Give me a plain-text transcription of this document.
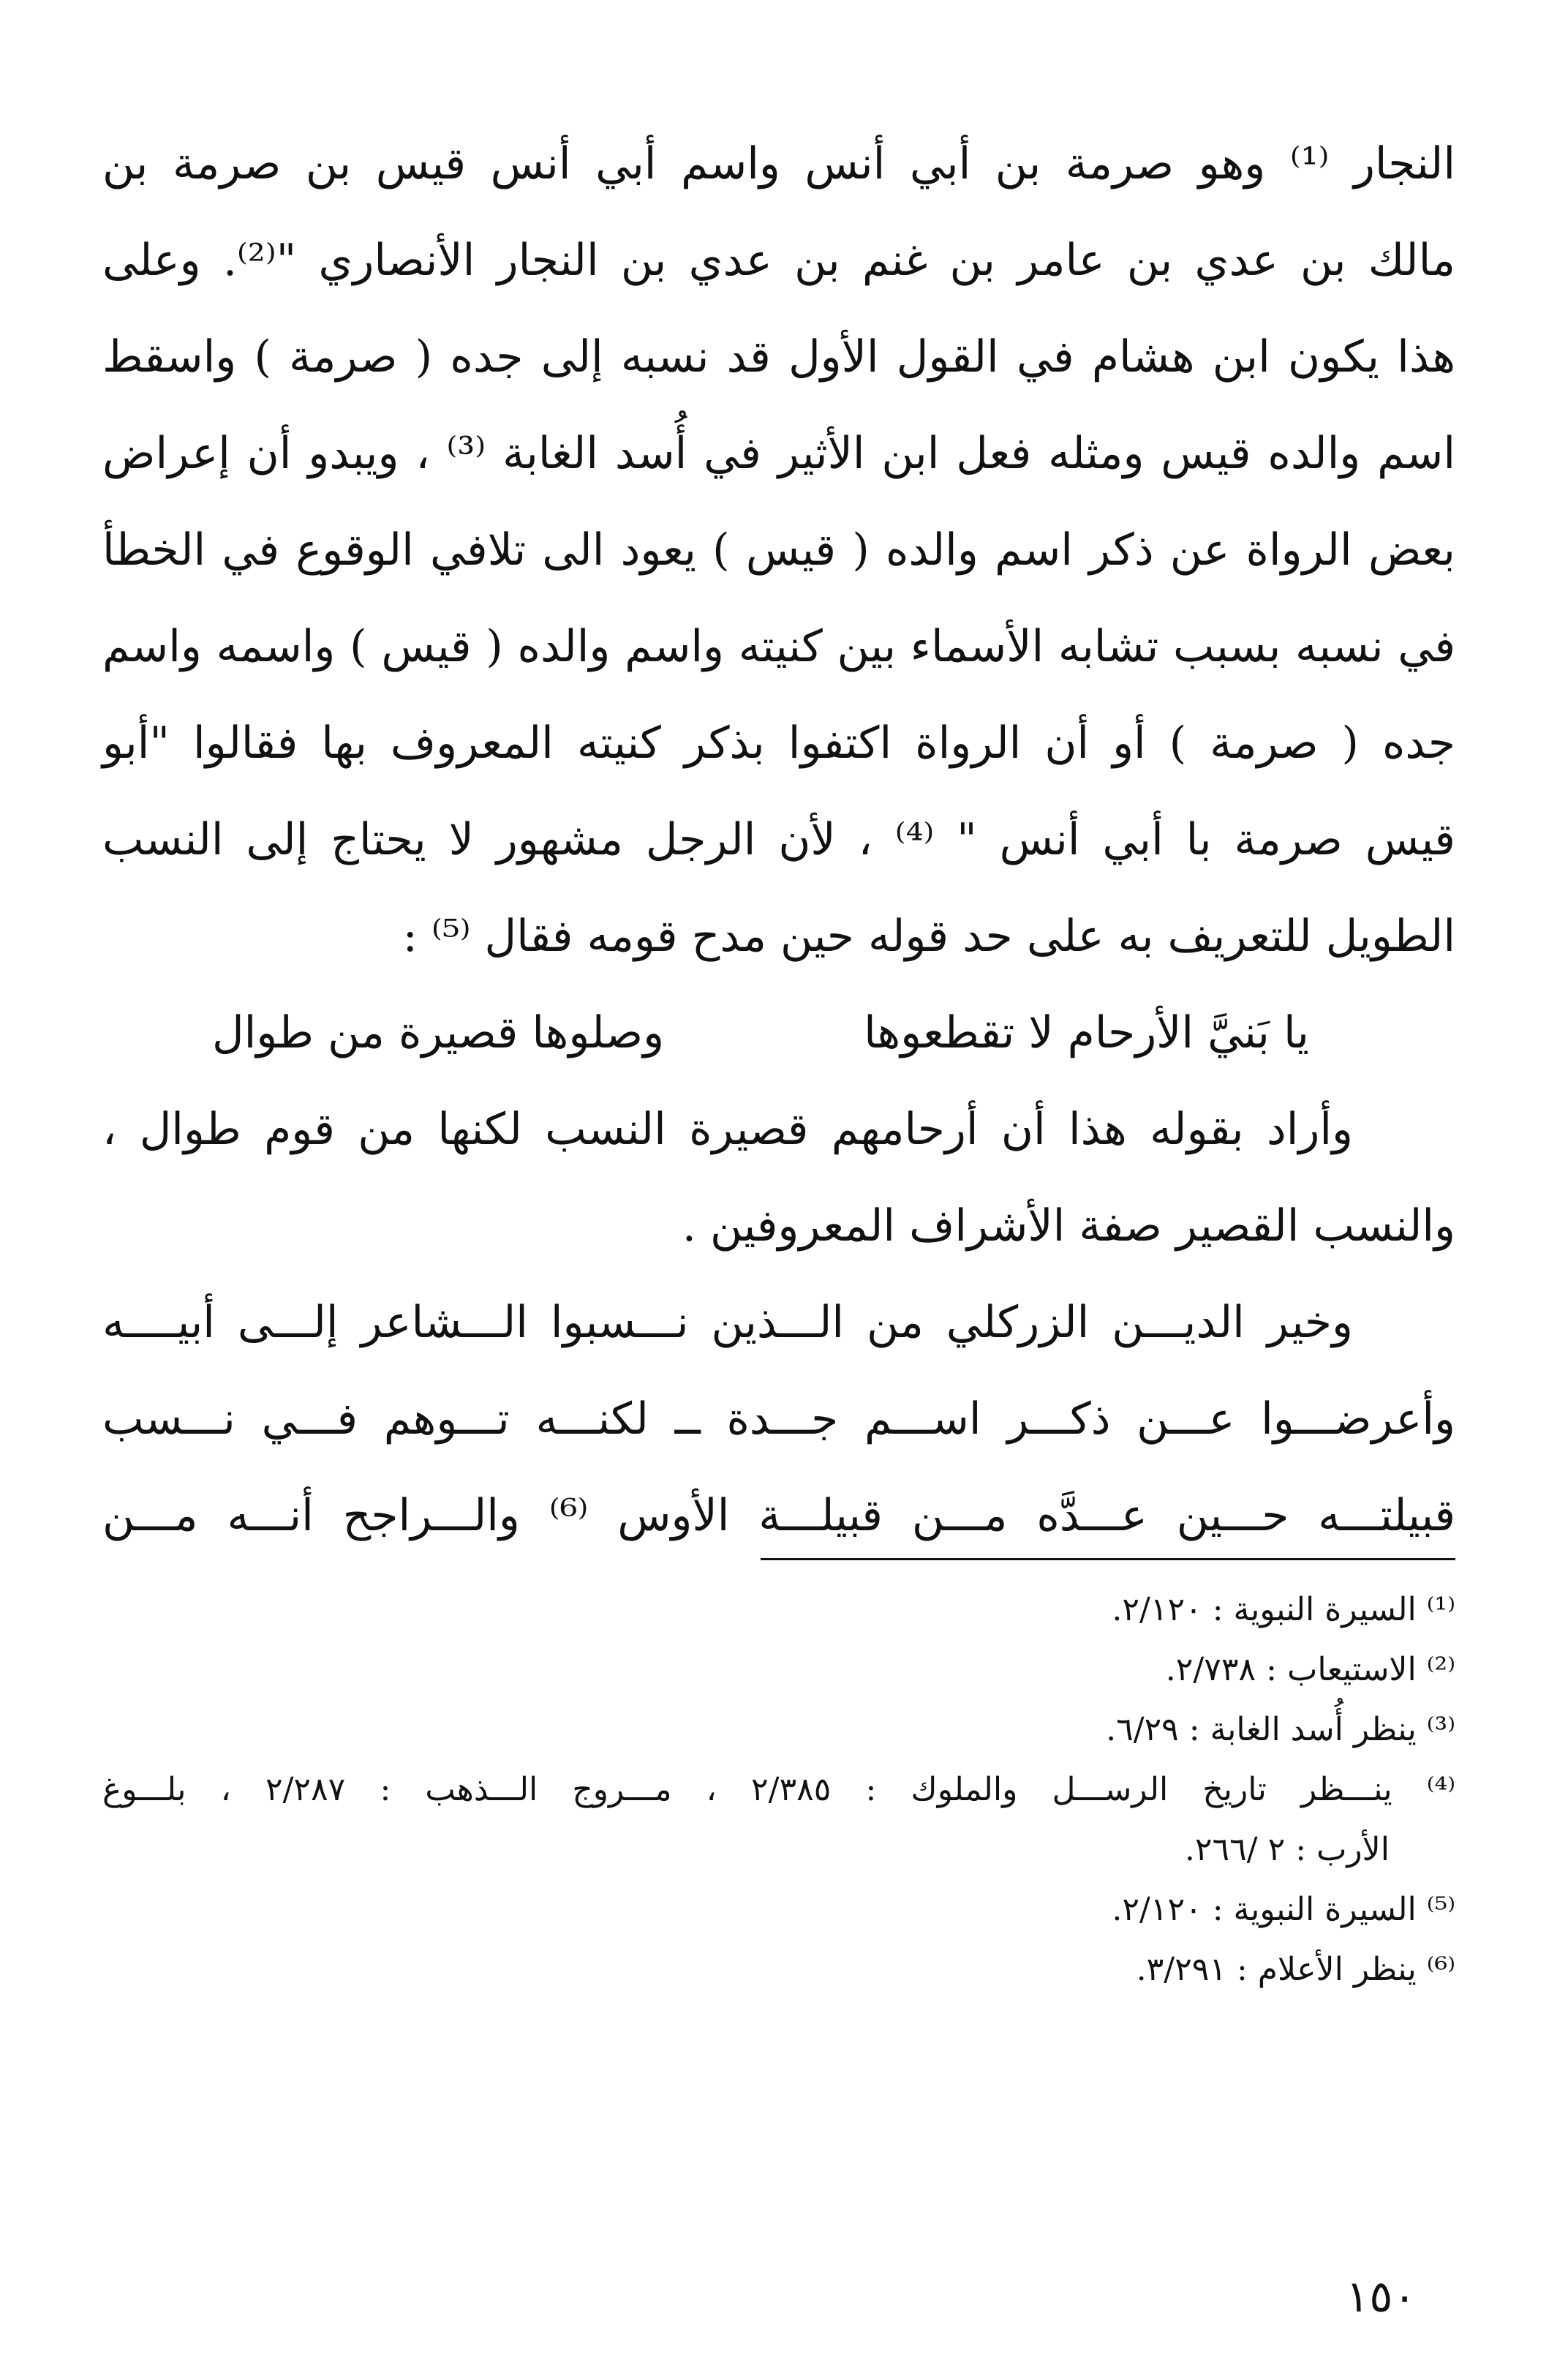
النجار ⁽¹⁾ وهو صرمة بن أبي أنس واسم أبي أنس قيس بن صرمة بن
مالك بن عدي بن عامر بن غنم بن عدي بن النجار الأنصاري "⁽²⁾. وعلى
هذا يكون ابن هشام في القول الأول قد نسبه إلى جده ( صرمة ) واسقط
اسم والده قيس ومثله فعل ابن الأثير في أُسد الغابة ⁽³⁾ ، ويبدو أن إعراض
بعض الرواة عن ذكر اسم والده ( قيس ) يعود الى تلافي الوقوع في الخطأ
في نسبه بسبب تشابه الأسماء بين كنيته واسم والده ( قيس ) واسمه واسم
جده ( صرمة ) أو أن الرواة اكتفوا بذكر كنيته المعروف بها فقالوا "أبو
قيس صرمة با أبي أنس " ⁽⁴⁾ ، لأن الرجل مشهور لا يحتاج إلى النسب
الطويل للتعريف به على حد قوله حين مدح قومه فقال ⁽⁵⁾ :
يا بَنيَّ الأرحام لا تقطعوها
وصلوها قصيرة من طوال
وأراد بقوله هذا أن أرحامهم قصيرة النسب لكنها من قوم طوال ،
والنسب القصير صفة الأشراف المعروفين .
وخير الديـــن الزركلي من الـــذين نـــسبوا الـــشاعر إلـــى أبيــــه
وأعرضـــوا عـــن ذكـــر اســـم جـــدة ــ لكنـــه تـــوهم فـــي نـــسب
قبيلتـــه حـــين عـــدَّه مـــن قبيلـــة الأوس ⁽⁶⁾ والـــراجح أنـــه مـــن
⁽¹⁾ السيرة النبوية : ٢/١٢٠.
⁽²⁾ الاستيعاب : ٢/٧٣٨.
⁽³⁾ ينظر أُسد الغابة : ٦/٢٩.
⁽⁴⁾ ينـــظر تاريخ الرســـل والملوك : ٢/٣٨٥ ، مـــروج الـــذهب : ٢/٢٨٧ ، بلـــوغ
الأرب : ٢ /٢٦٦.
⁽⁵⁾ السيرة النبوية : ٢/١٢٠.
⁽⁶⁾ ينظر الأعلام : ٣/٢٩١.
١٥٠
